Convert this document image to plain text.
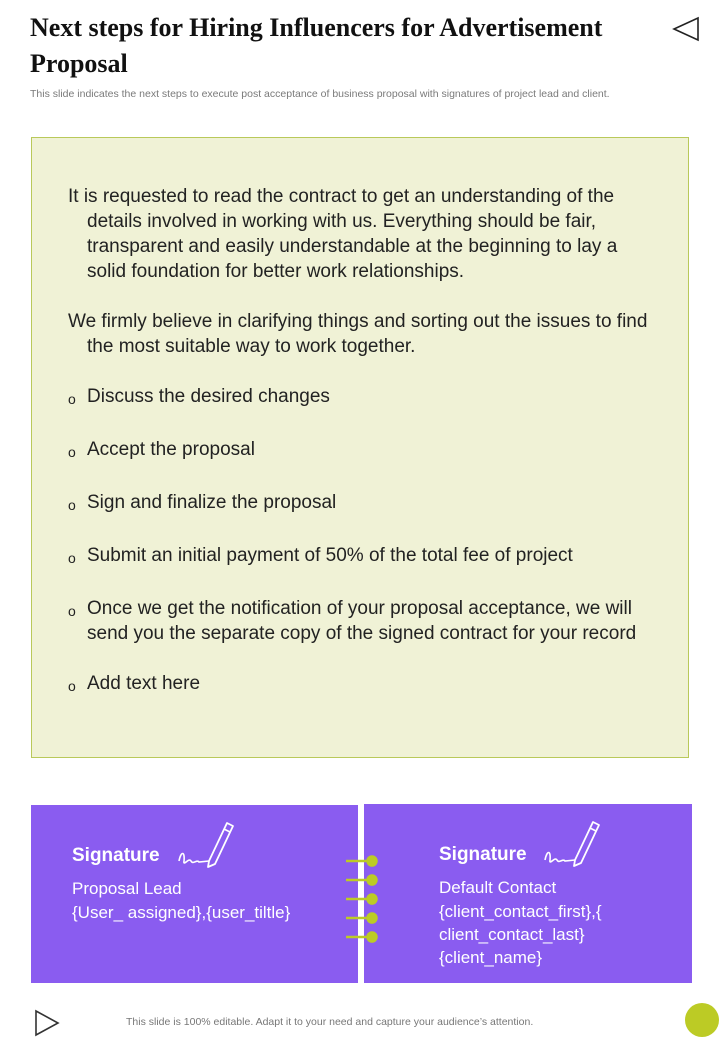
Next steps for Hiring Influencers for Advertisement Proposal
This slide indicates the next steps to execute post acceptance of business proposal with signatures of project lead and client.

It is requested to read the contract to get an understanding of the details involved in working with us. Everything should be fair, transparent and easily understandable at the beginning to lay a solid foundation for better work relationships.

We firmly believe in clarifying things and sorting out the issues to find the most suitable way to work together.

o Discuss the desired changes
o Accept the proposal
o Sign and finalize the proposal
o Submit an initial payment of 50% of the total fee of project
o Once we get the notification of your proposal acceptance, we will send you the separate copy of the signed contract for your record
o Add text here
Signature
Proposal Lead
{User_ assigned},{user_tiltle}
Signature
Default Contact
{client_contact_first},{ client_contact_last} {client_name}
This slide is 100% editable. Adapt it to your need and capture your audience’s attention.
